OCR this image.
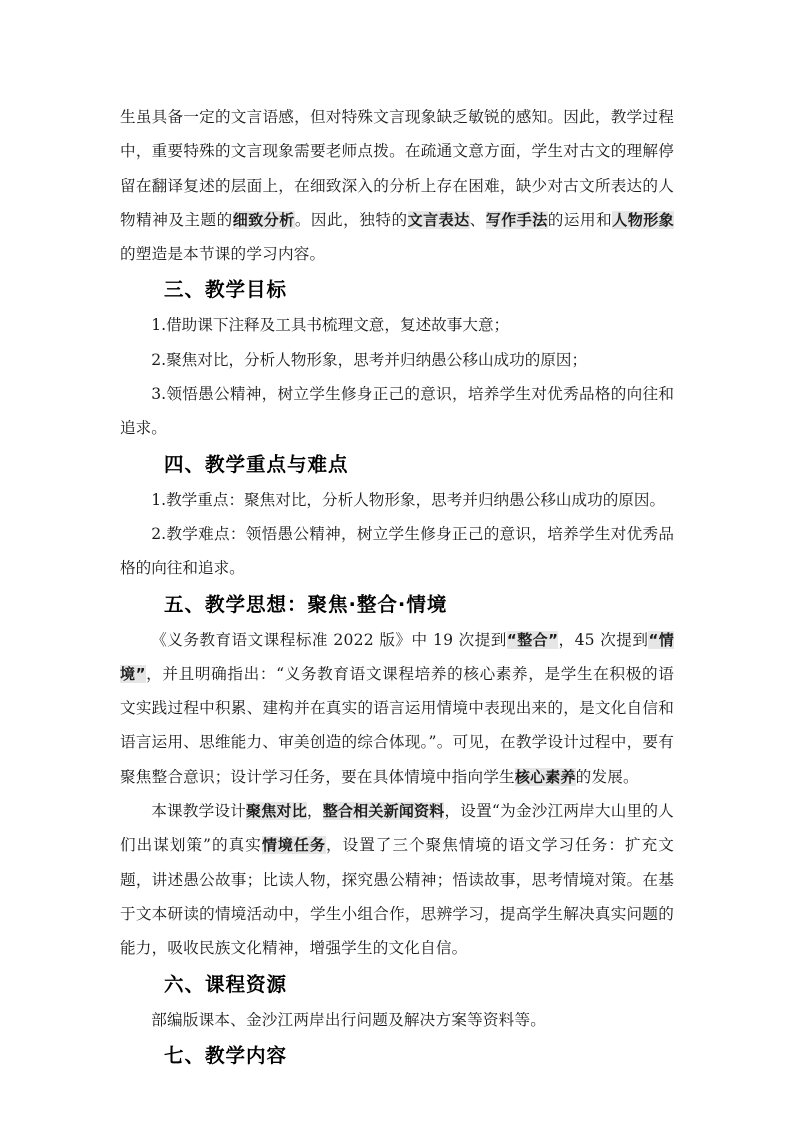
生虽具备一定的文言语感，但对特殊文言现象缺乏敏锐的感知。因此，教学过程中，重要特殊的文言现象需要老师点拨。在疏通文意方面，学生对古文的理解停留在翻译复述的层面上，在细致深入的分析上存在困难，缺少对古文所表达的人物精神及主题的细致分析。因此，独特的文言表达、写作手法的运用和人物形象的塑造是本节课的学习内容。

三、教学目标

1.借助课下注释及工具书梳理文意，复述故事大意；

2.聚焦对比，分析人物形象，思考并归纳愚公移山成功的原因；

3.领悟愚公精神，树立学生修身正己的意识，培养学生对优秀品格的向往和追求。

四、教学重点与难点

1.教学重点：聚焦对比，分析人物形象，思考并归纳愚公移山成功的原因。

2.教学难点：领悟愚公精神，树立学生修身正己的意识，培养学生对优秀品格的向往和追求。

五、教学思想：聚焦·整合·情境

《义务教育语文课程标准 2022 版》中 19 次提到“整合”，45 次提到“情境”，并且明确指出：“义务教育语文课程培养的核心素养，是学生在积极的语文实践过程中积累、建构并在真实的语言运用情境中表现出来的，是文化自信和语言运用、思维能力、审美创造的综合体现。”。可见，在教学设计过程中，要有聚焦整合意识；设计学习任务，要在具体情境中指向学生核心素养的发展。

本课教学设计聚焦对比，整合相关新闻资料，设置“为金沙江两岸大山里的人们出谋划策”的真实情境任务，设置了三个聚焦情境的语文学习任务：扩充文题，讲述愚公故事；比读人物，探究愚公精神；悟读故事，思考情境对策。在基于文本研读的情境活动中，学生小组合作，思辨学习，提高学生解决真实问题的能力，吸收民族文化精神，增强学生的文化自信。

六、课程资源

部编版课本、金沙江两岸出行问题及解决方案等资料等。

七、教学内容
